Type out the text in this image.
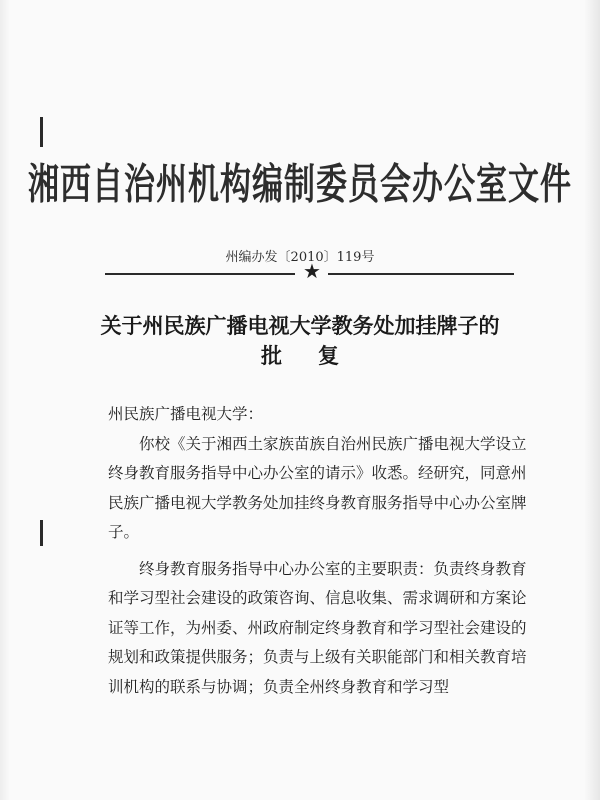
湘西自治州机构编制委员会办公室文件
州编办发〔2010〕119号
★
关于州民族广播电视大学教务处加挂牌子的
批复

州民族广播电视大学：

你校《关于湘西土家族苗族自治州民族广播电视大学设立终身教育服务指导中心办公室的请示》收悉。经研究，同意州民族广播电视大学教务处加挂终身教育服务指导中心办公室牌子。

终身教育服务指导中心办公室的主要职责：负责终身教育和学习型社会建设的政策咨询、信息收集、需求调研和方案论证等工作，为州委、州政府制定终身教育和学习型社会建设的规划和政策提供服务；负责与上级有关职能部门和相关教育培训机构的联系与协调；负责全州终身教育和学习型
